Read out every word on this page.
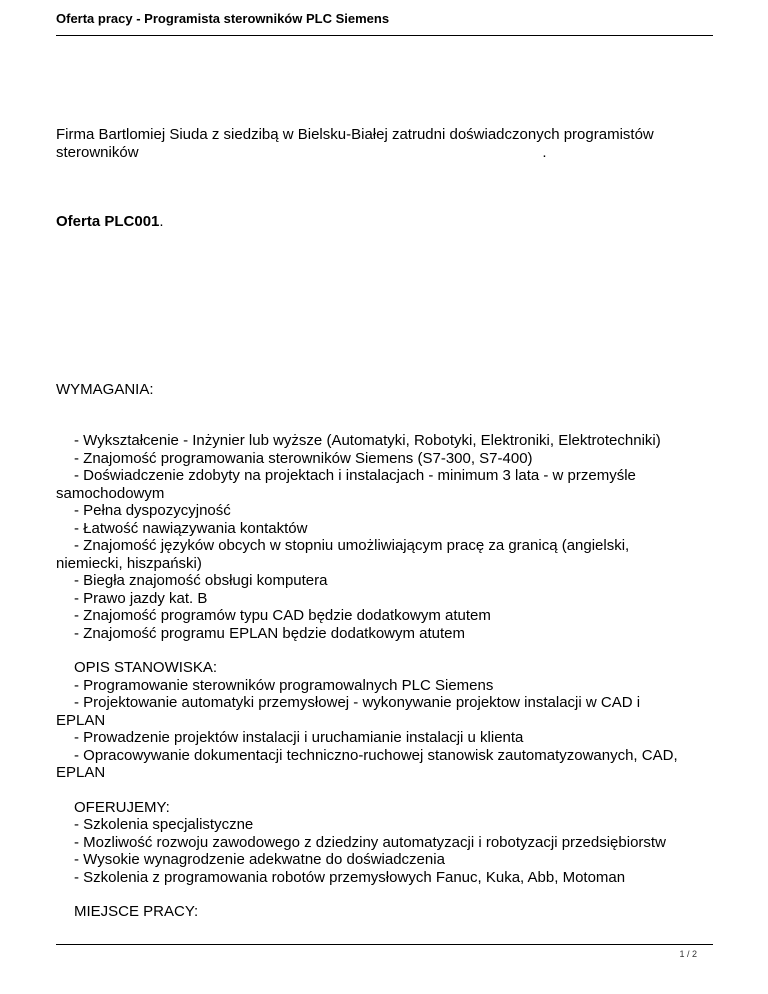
Oferta pracy - Programista sterowników PLC Siemens
Firma Bartlomiej Siuda z siedzibą w Bielsku-Białej zatrudni doświadczonych programistów
sterowników	.
Oferta PLC001.
WYMAGANIA:
- Wykształcenie - Inżynier lub wyższe (Automatyki, Robotyki, Elektroniki, Elektrotechniki)
- Znajomość programowania sterowników Siemens (S7-300, S7-400)
- Doświadczenie zdobyty na projektach i instalacjach - minimum 3 lata - w przemyśle
samochodowym
- Pełna dyspozycyjność
- Łatwość nawiązywania kontaktów
- Znajomość języków obcych w stopniu umożliwiającym pracę za granicą (angielski,
niemiecki, hiszpański)
- Biegła znajomość obsługi komputera
- Prawo jazdy kat. B
- Znajomość programów typu CAD będzie dodatkowym atutem
- Znajomość programu EPLAN będzie dodatkowym atutem
OPIS STANOWISKA:
- Programowanie sterowników programowalnych PLC Siemens
- Projektowanie automatyki przemysłowej - wykonywanie projektow instalacji w CAD i
EPLAN
- Prowadzenie projektów instalacji i uruchamianie instalacji u klienta
- Opracowywanie dokumentacji techniczno-ruchowej stanowisk zautomatyzowanych, CAD,
EPLAN
OFERUJEMY:
- Szkolenia specjalistyczne
- Mozliwość rozwoju zawodowego z dziedziny automatyzacji i robotyzacji przedsiębiorstw
- Wysokie wynagrodzenie adekwatne do doświadczenia
- Szkolenia z programowania robotów przemysłowych Fanuc, Kuka, Abb, Motoman
MIEJSCE PRACY:
1 / 2
